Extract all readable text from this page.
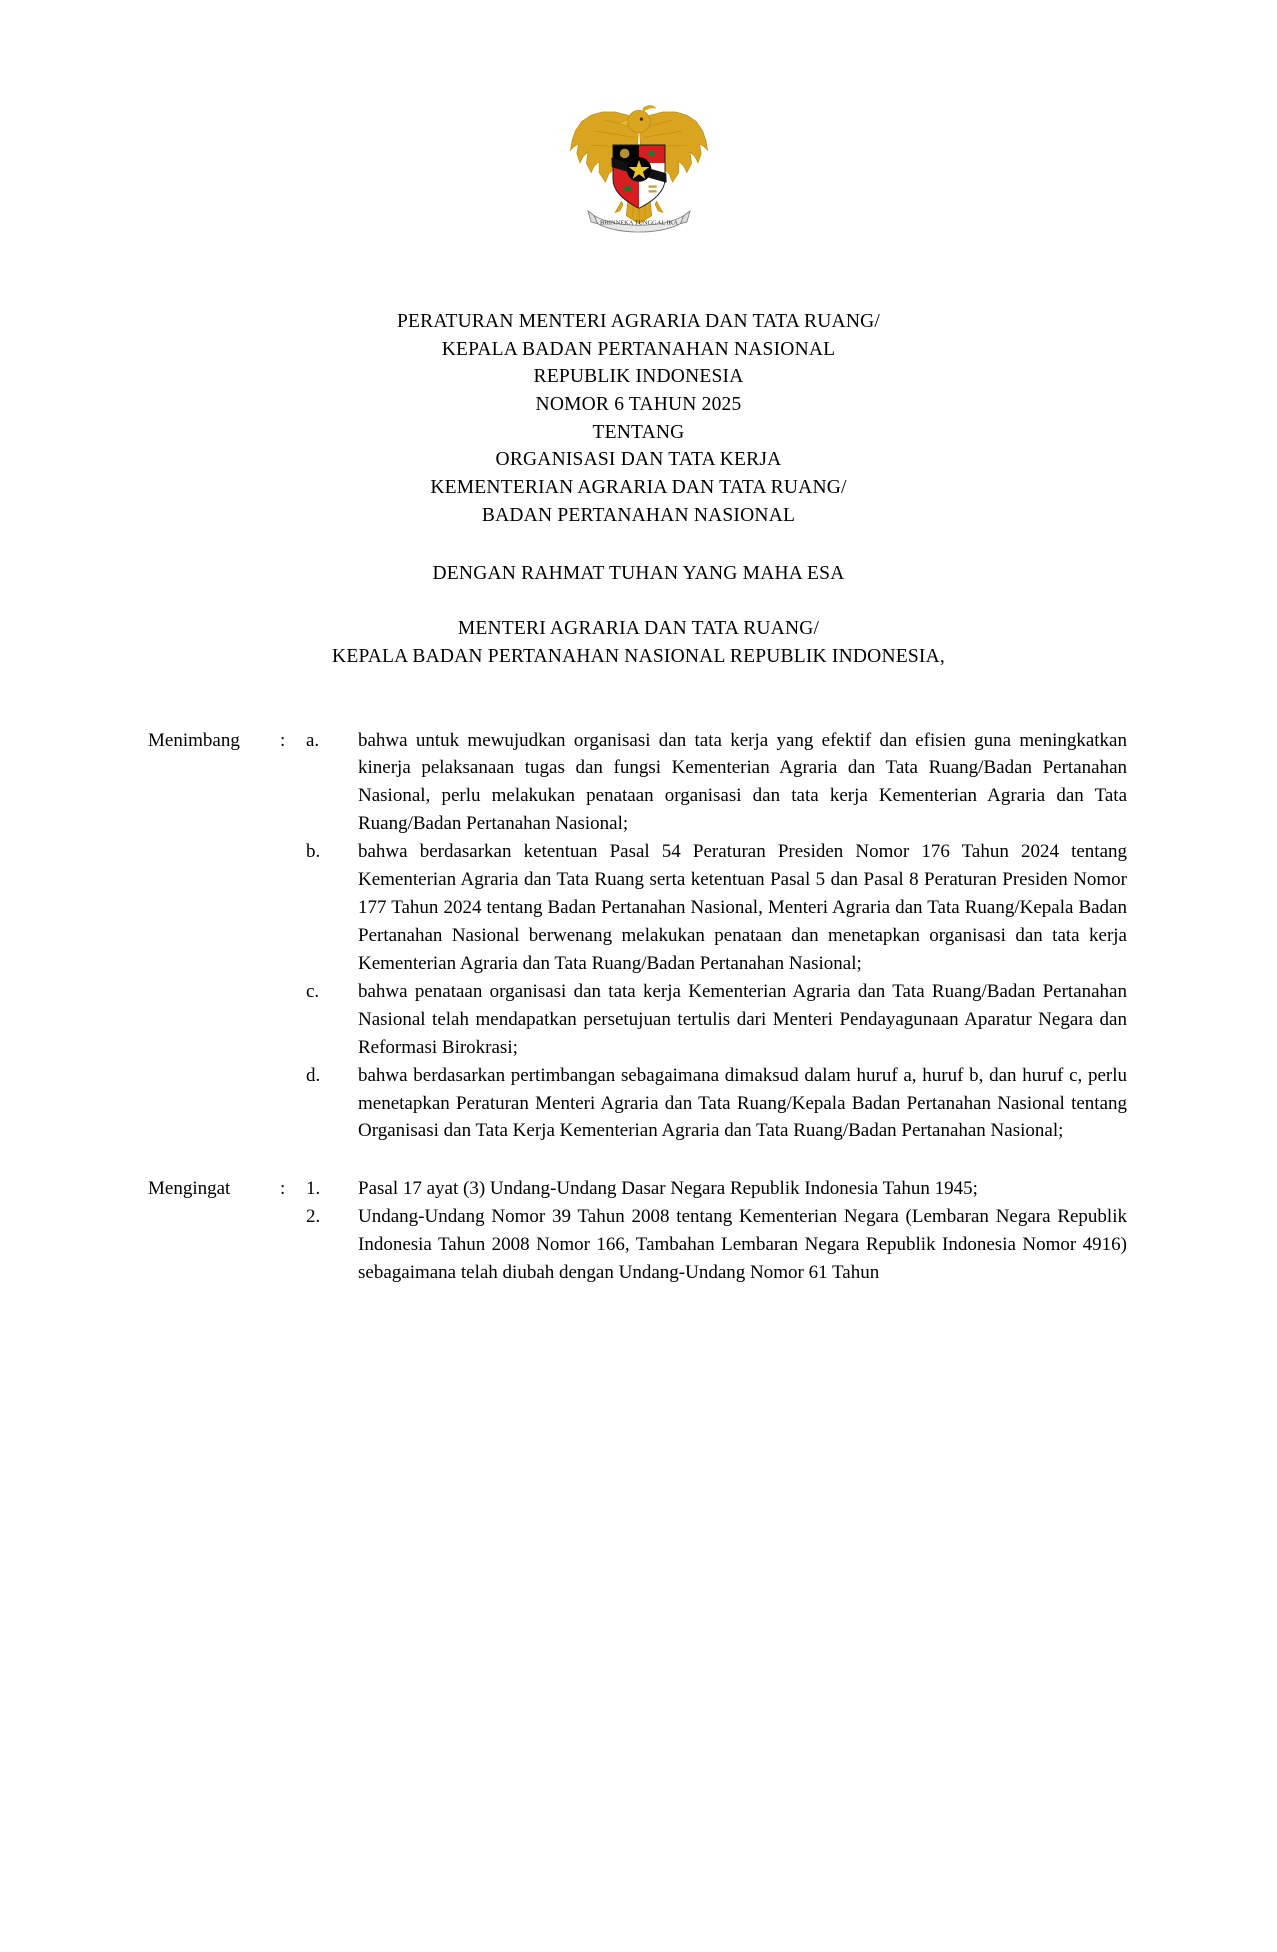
BHINNEKA TUNGGAL IKA
PERATURAN MENTERI AGRARIA DAN TATA RUANG/
KEPALA BADAN PERTANAHAN NASIONAL
REPUBLIK INDONESIA
NOMOR 6 TAHUN 2025
TENTANG
ORGANISASI DAN TATA KERJA
KEMENTERIAN AGRARIA DAN TATA RUANG/
BADAN PERTANAHAN NASIONAL
DENGAN RAHMAT TUHAN YANG MAHA ESA
MENTERI AGRARIA DAN TATA RUANG/
KEPALA BADAN PERTANAHAN NASIONAL REPUBLIK INDONESIA,
Menimbang	:	a.	bahwa untuk mewujudkan organisasi dan tata kerja yang efektif dan efisien guna meningkatkan kinerja pelaksanaan tugas dan fungsi Kementerian Agraria dan Tata Ruang/Badan Pertanahan Nasional, perlu melakukan penataan organisasi dan tata kerja Kementerian Agraria dan Tata Ruang/Badan Pertanahan Nasional;
b.	bahwa berdasarkan ketentuan Pasal 54 Peraturan Presiden Nomor 176 Tahun 2024 tentang Kementerian Agraria dan Tata Ruang serta ketentuan Pasal 5 dan Pasal 8 Peraturan Presiden Nomor 177 Tahun 2024 tentang Badan Pertanahan Nasional, Menteri Agraria dan Tata Ruang/Kepala Badan Pertanahan Nasional berwenang melakukan penataan dan menetapkan organisasi dan tata kerja Kementerian Agraria dan Tata Ruang/Badan Pertanahan Nasional;
c.	bahwa penataan organisasi dan tata kerja Kementerian Agraria dan Tata Ruang/Badan Pertanahan Nasional telah mendapatkan persetujuan tertulis dari Menteri Pendayagunaan Aparatur Negara dan Reformasi Birokrasi;
d.	bahwa berdasarkan pertimbangan sebagaimana dimaksud dalam huruf a, huruf b, dan huruf c, perlu menetapkan Peraturan Menteri Agraria dan Tata Ruang/Kepala Badan Pertanahan Nasional tentang Organisasi dan Tata Kerja Kementerian Agraria dan Tata Ruang/Badan Pertanahan Nasional;
Mengingat	:	1.	Pasal 17 ayat (3) Undang-Undang Dasar Negara Republik Indonesia Tahun 1945;
2.	Undang-Undang Nomor 39 Tahun 2008 tentang Kementerian Negara (Lembaran Negara Republik Indonesia Tahun 2008 Nomor 166, Tambahan Lembaran Negara Republik Indonesia Nomor 4916) sebagaimana telah diubah dengan Undang-Undang Nomor 61 Tahun
